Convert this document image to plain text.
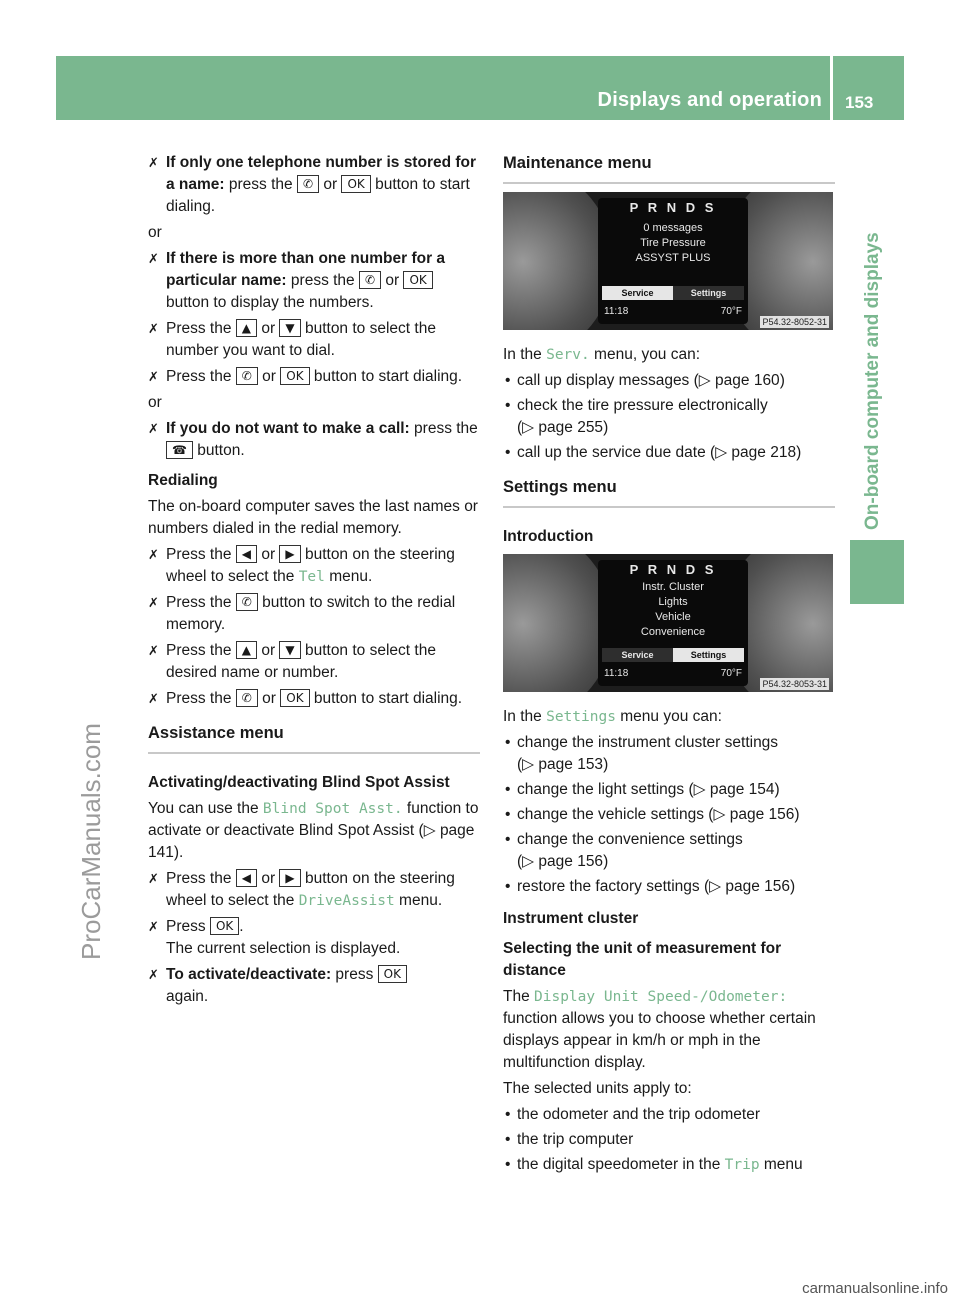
Displays and operation 153
On-board computer and displays
ProCarManuals.com
carmanualsonline.info
✗ If only one telephone number is stored for a name: press the ✆ or OK button to start dialing.

or

✗ If there is more than one number for a particular name: press the ✆ or OK button to display the numbers.
✗ Press the ▲ or ▼ button to select the number you want to dial.
✗ Press the ✆ or OK button to start dialing.

or

✗ If you do not want to make a call: press the ☎ button.
Redialing

The on-board computer saves the last names or numbers dialed in the redial memory.

✗ Press the ◀ or ▶ button on the steering wheel to select the Tel menu.
✗ Press the ✆ button to switch to the redial memory.
✗ Press the ▲ or ▼ button to select the desired name or number.
✗ Press the ✆ or OK button to start dialing.
Assistance menu
Activating/deactivating Blind Spot Assist

You can use the Blind Spot Asst. function to activate or deactivate Blind Spot Assist (▷ page 141).

✗ Press the ◀ or ▶ button on the steering wheel to select the DriveAssist menu.
✗ Press OK .
The current selection is displayed.
✗ To activate/deactivate: press OK
again.
Maintenance menu
P R N D S
0 messages
Tire Pressure
ASSYST PLUS
Service	Settings
11:18	70°F
P54.32-8052-31

In the Serv. menu, you can:

• call up display messages (▷ page 160)
• check the tire pressure electronically
(▷ page 255)
• call up the service due date (▷ page 218)
Settings menu
Introduction
P R N D S
Instr. Cluster
Lights
Vehicle
Convenience
Service	Settings
11:18	70°F
P54.32-8053-31

In the Settings menu you can:

• change the instrument cluster settings
(▷ page 153)
• change the light settings (▷ page 154)
• change the vehicle settings (▷ page 156)
• change the convenience settings
(▷ page 156)
• restore the factory settings (▷ page 156)
Instrument cluster
Selecting the unit of measurement for distance

The Display Unit Speed-/Odometer: function allows you to choose whether certain displays appear in km/h or mph in the multifunction display.

The selected units apply to:

• the odometer and the trip odometer
• the trip computer
• the digital speedometer in the Trip menu
